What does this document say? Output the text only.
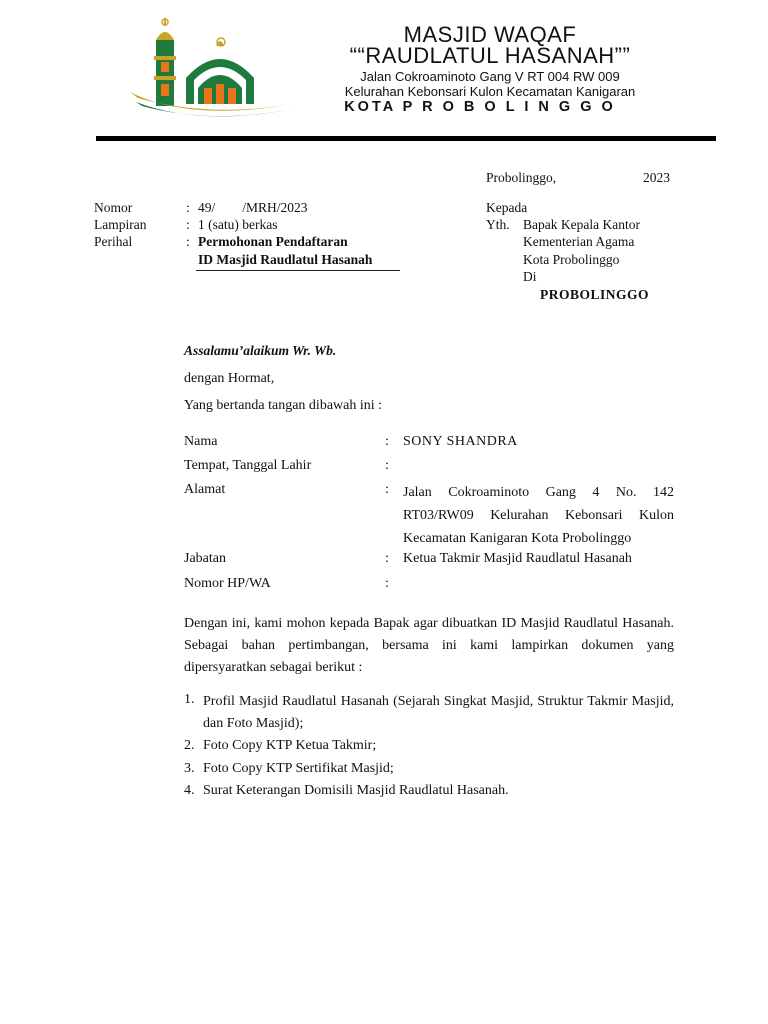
MASJID WAQAF
““RAUDLATUL HASANAH””
Jalan Cokroaminoto Gang V RT 004 RW 009
Kelurahan Kebonsari Kulon Kecamatan Kanigaran
KOTA P R O B O L I N G G O
Probolinggo,	2023
Nomor	: 49/        /MRH/2023
Lampiran	: 1 (satu) berkas
Perihal	: Permohonan Pendaftaran
ID Masjid Raudlatul Hasanah
Kepada
Yth. Bapak Kepala Kantor
Kementerian Agama
Kota Probolinggo
Di
PROBOLINGGO
Assalamu’alaikum Wr. Wb.
dengan Hormat,
Yang bertanda tangan dibawah ini :
Nama	: SONY SHANDRA
Tempat, Tanggal Lahir	:
Alamat	: Jalan Cokroaminoto Gang 4 No. 142 RT03/RW09 Kelurahan Kebonsari Kulon Kecamatan Kanigaran Kota Probolinggo
Jabatan	: Ketua Takmir Masjid Raudlatul Hasanah
Nomor HP/WA	:
Dengan ini, kami mohon kepada Bapak agar dibuatkan ID Masjid Raudlatul Hasanah. Sebagai bahan pertimbangan, bersama ini kami lampirkan dokumen yang dipersyaratkan sebagai berikut :
1. Profil Masjid Raudlatul Hasanah (Sejarah Singkat Masjid, Struktur Takmir Masjid, dan Foto Masjid);
2. Foto Copy KTP Ketua Takmir;
3. Foto Copy KTP Sertifikat Masjid;
4. Surat Keterangan Domisili Masjid Raudlatul Hasanah.
